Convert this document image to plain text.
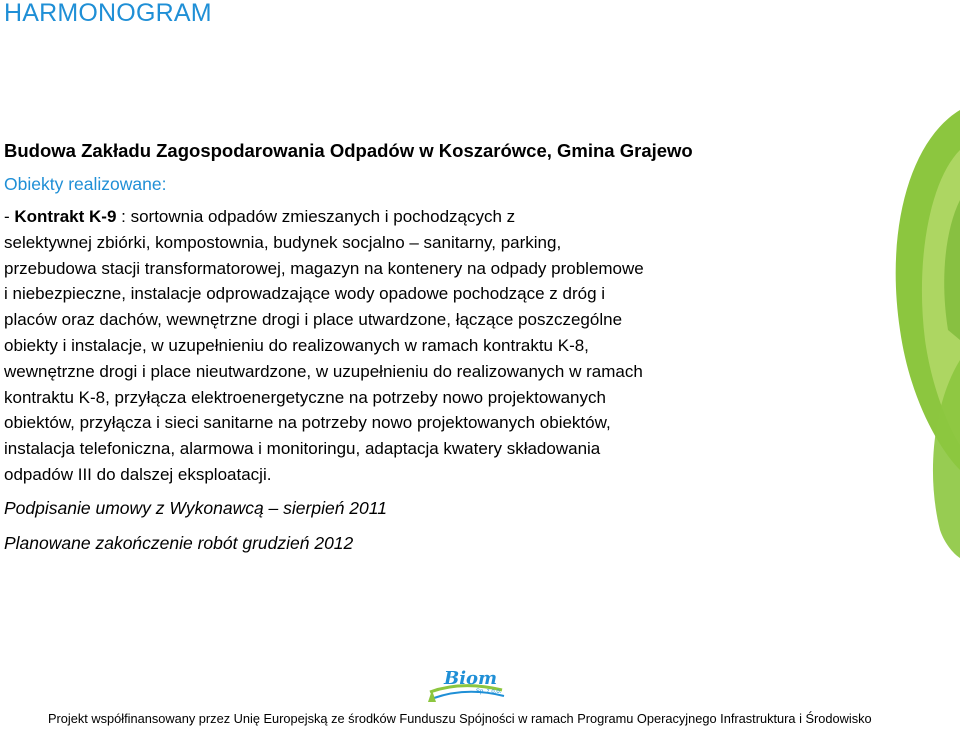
HARMONOGRAM
Budowa Zakładu Zagospodarowania Odpadów w Koszarówce, Gmina Grajewo
Obiekty realizowane:
- Kontrakt K-9 : sortownia odpadów zmieszanych i pochodzących z
selektywnej zbiórki, kompostownia, budynek socjalno – sanitarny, parking,
przebudowa stacji transformatorowej, magazyn na kontenery na odpady problemowe
i niebezpieczne, instalacje odprowadzające wody opadowe pochodzące z dróg i
placów oraz dachów, wewnętrzne drogi i place utwardzone, łączące poszczególne
obiekty i instalacje, w uzupełnieniu do realizowanych w ramach kontraktu K-8,
wewnętrzne drogi i place nieutwardzone, w uzupełnieniu do realizowanych w ramach
kontraktu K-8, przyłącza elektroenergetyczne na potrzeby nowo projektowanych
obiektów, przyłącza i sieci sanitarne na potrzeby nowo projektowanych obiektów,
instalacja telefoniczna, alarmowa i monitoringu, adaptacja kwatery składowania
odpadów III do dalszej eksploatacji.
Podpisanie umowy z Wykonawcą – sierpień 2011
Planowane zakończenie robót grudzień 2012
Biom
Sp. z o.o.
Projekt współfinansowany przez Unię Europejską ze środków Funduszu Spójności w ramach Programu Operacyjnego Infrastruktura i Środowisko
